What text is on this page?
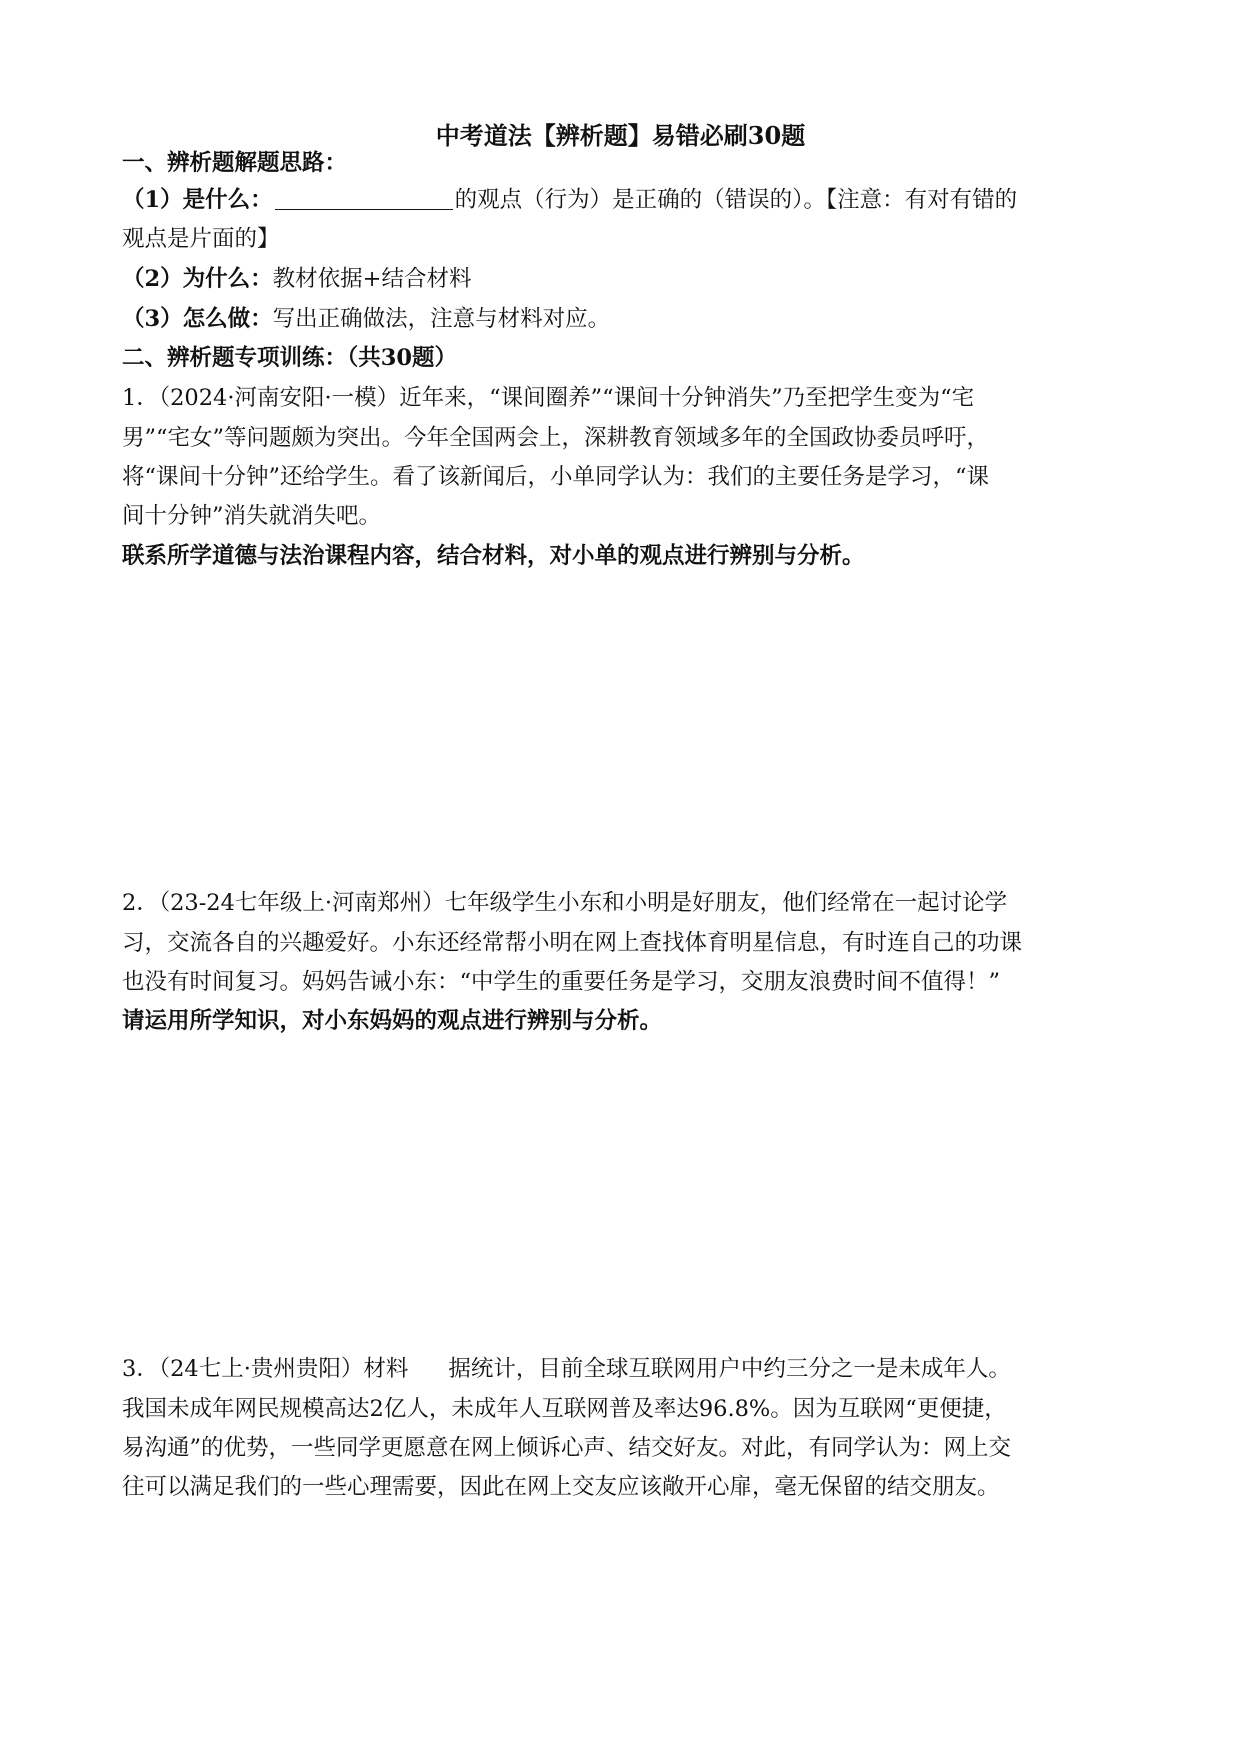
中考道法【辨析题】易错必刷30题
一、辨析题解题思路：
（1）是什么：	的观点（行为）是正确的（错误的）。【注意：有对有错的
观点是片面的】
（2）为什么：教材依据+结合材料
（3）怎么做：写出正确做法，注意与材料对应。
二、辨析题专项训练：（共30题）
1．（2024·河南安阳·一模）近年来，“课间圈养”“课间十分钟消失”乃至把学生变为“宅
男”“宅女”等问题颇为突出。今年全国两会上，深耕教育领域多年的全国政协委员呼吁，
将“课间十分钟”还给学生。看了该新闻后，小单同学认为：我们的主要任务是学习，“课
间十分钟”消失就消失吧。
联系所学道德与法治课程内容，结合材料，对小单的观点进行辨别与分析。
2．（23-24七年级上·河南郑州）七年级学生小东和小明是好朋友，他们经常在一起讨论学
习，交流各自的兴趣爱好。小东还经常帮小明在网上查找体育明星信息，有时连自己的功课
也没有时间复习。妈妈告诫小东：“中学生的重要任务是学习，交朋友浪费时间不值得！”
请运用所学知识，对小东妈妈的观点进行辨别与分析。
3．（24七上·贵州贵阳）材料 据统计，目前全球互联网用户中约三分之一是未成年人。
我国未成年网民规模高达2亿人，未成年人互联网普及率达96.8%。因为互联网“更便捷，
易沟通”的优势，一些同学更愿意在网上倾诉心声、结交好友。对此，有同学认为：网上交
往可以满足我们的一些心理需要，因此在网上交友应该敞开心扉，毫无保留的结交朋友。
